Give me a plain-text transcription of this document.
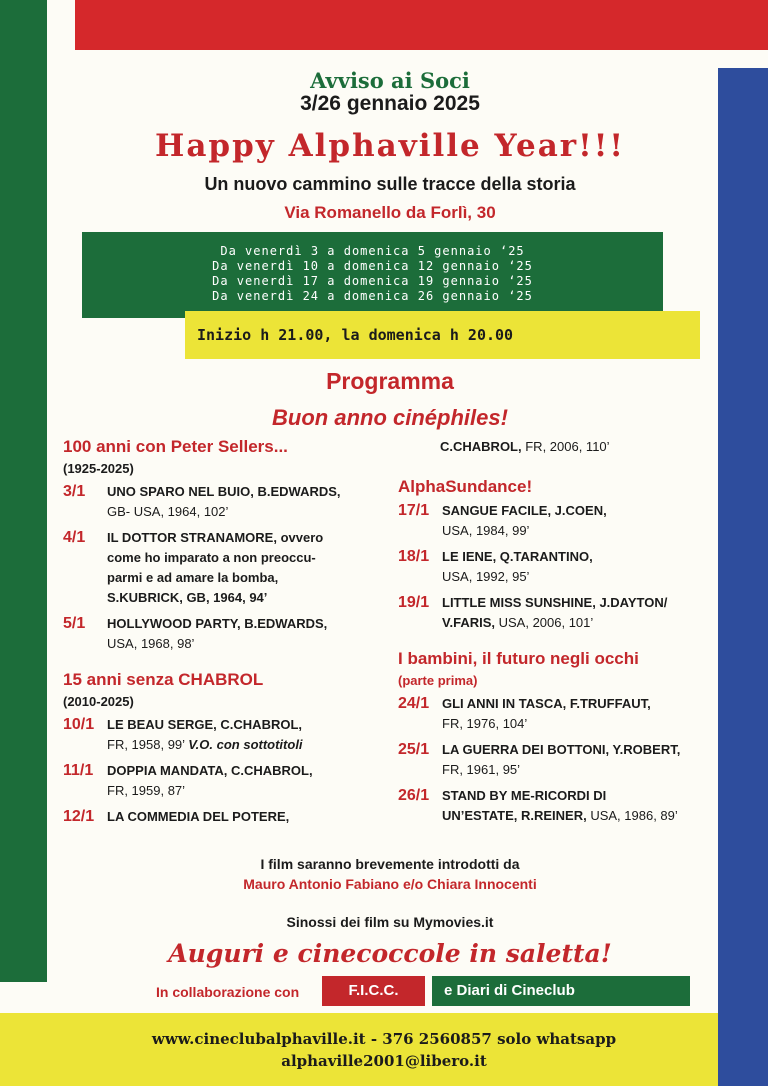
Avviso ai Soci
3/26 gennaio 2025
Happy Alphaville Year!!!
Un nuovo cammino sulle tracce della storia
Via Romanello da Forlì, 30
Da venerdì 3 a domenica 5 gennaio ‘25
Da venerdì 10 a domenica 12 gennaio ‘25
Da venerdì 17 a domenica 19 gennaio ‘25
Da venerdì 24 a domenica 26 gennaio ‘25
Inizio h 21.00, la domenica h 20.00
Programma
Buon anno cinéphiles!
100 anni con Peter Sellers...
(1925-2025)
3/1	UNO SPARO NEL BUIO, B.EDWARDS,
GB- USA, 1964, 102’
4/1	IL DOTTOR STRANAMORE, ovvero
come ho imparato a non preoccu-
parmi e ad amare la bomba,
S.KUBRICK, GB, 1964, 94’
5/1	HOLLYWOOD PARTY, B.EDWARDS,
USA, 1968, 98’
15 anni senza CHABROL
(2010-2025)
10/1 LE BEAU SERGE, C.CHABROL,
FR, 1958, 99’ V.O. con sottotitoli
11/1	DOPPIA MANDATA, C.CHABROL,
FR, 1959, 87’
12/1 LA COMMEDIA DEL POTERE,
C.CHABROL, FR, 2006, 110’
AlphaSundance!
17/1 SANGUE FACILE, J.COEN,
USA, 1984, 99’
18/1 LE IENE, Q.TARANTINO,
USA, 1992, 95’
19/1 LITTLE MISS SUNSHINE, J.DAYTON/
V.FARIS, USA, 2006, 101’
I bambini, il futuro negli occhi
(parte prima)
24/1 GLI ANNI IN TASCA, F.TRUFFAUT,
FR, 1976, 104’
25/1 LA GUERRA DEI BOTTONI, Y.ROBERT,
FR, 1961, 95’
26/1 STAND BY ME-RICORDI DI
UN’ESTATE, R.REINER, USA, 1986, 89’
I film saranno brevemente introdotti da
Mauro Antonio Fabiano e/o Chiara Innocenti
Sinossi dei film su Mymovies.it
Auguri e cinecoccole in saletta!
In collaborazione con	F.I.C.C.	e Diari di Cineclub
www.cineclubalphaville.it - 376 2560857 solo whatsapp
alphaville2001@libero.it
